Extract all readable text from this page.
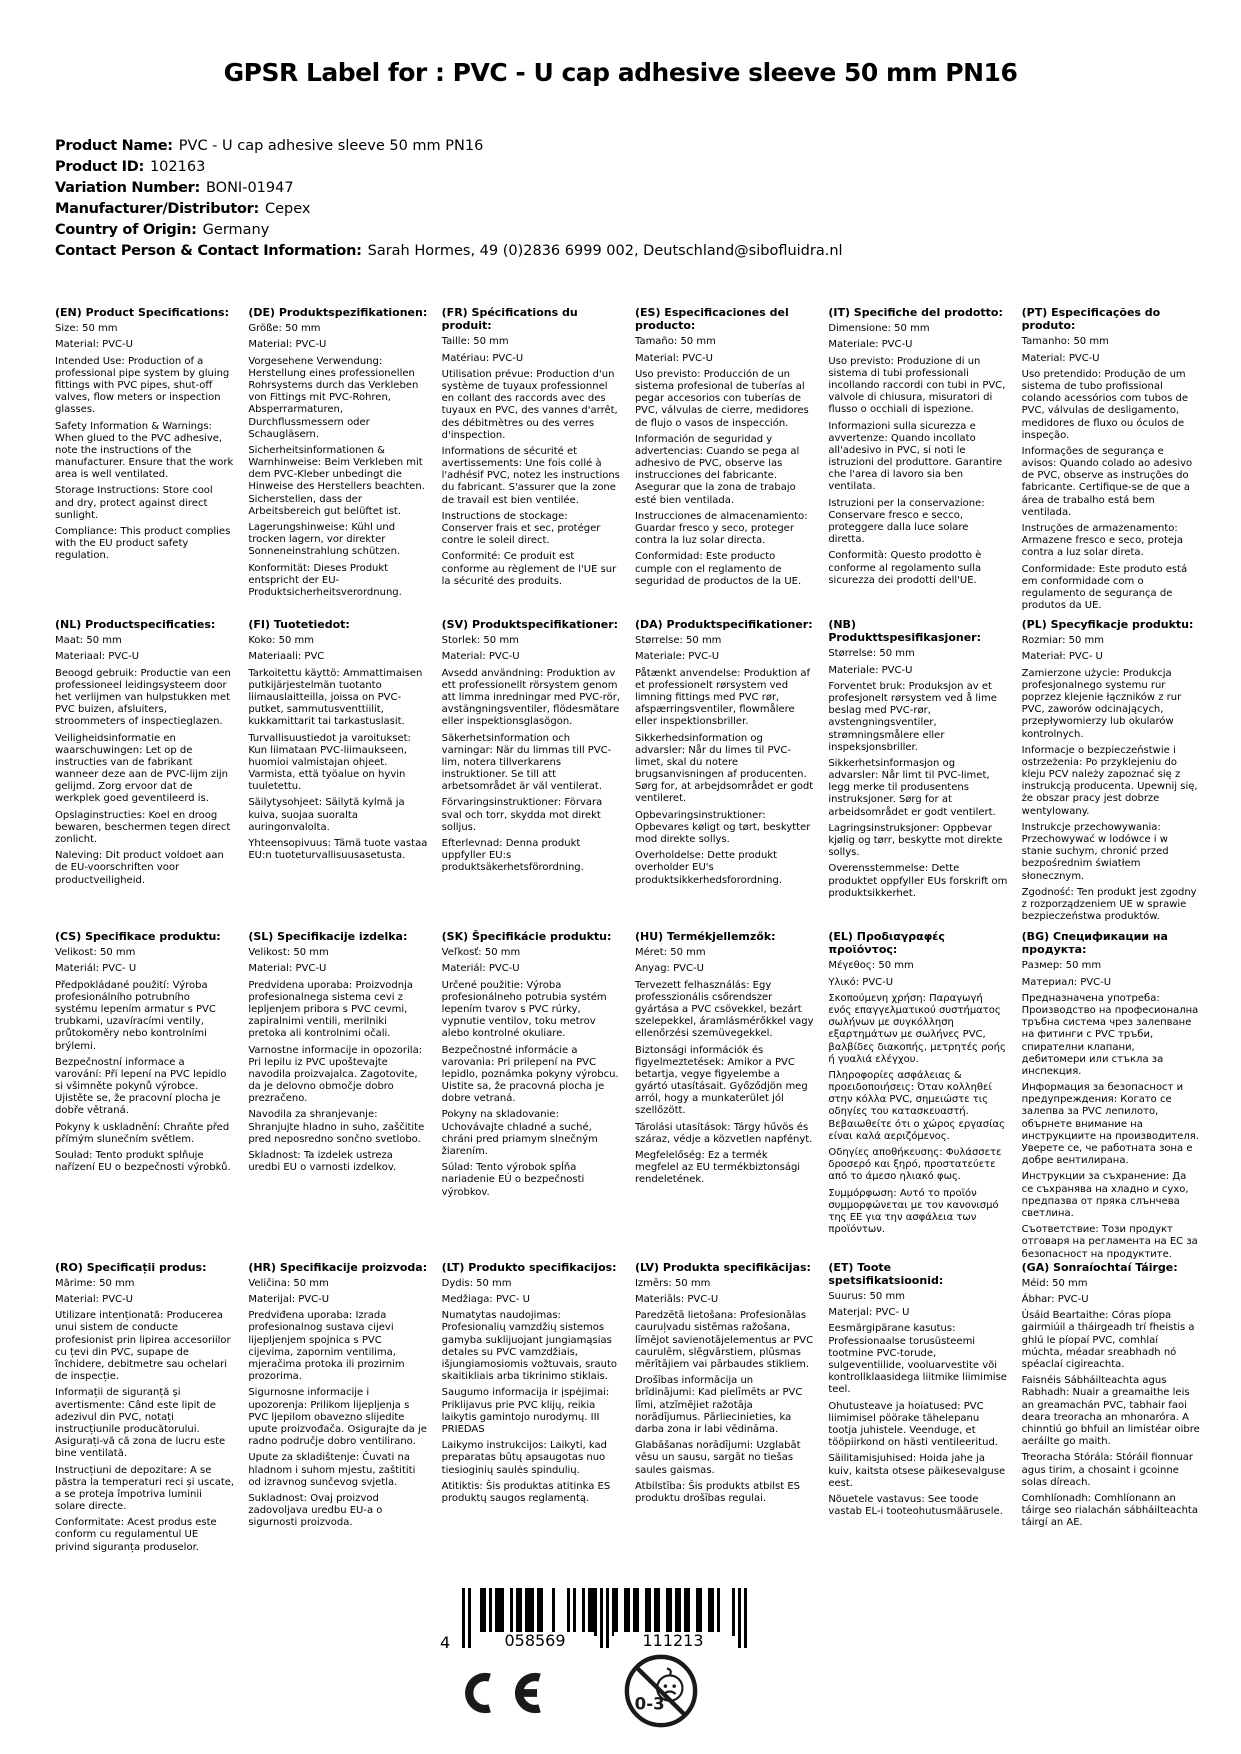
GPSR Label for : PVC - U cap adhesive sleeve 50 mm PN16
Product Name: PVC - U cap adhesive sleeve 50 mm PN16
Product ID: 102163
Variation Number: BONI-01947
Manufacturer/Distributor: Cepex
Country of Origin: Germany
Contact Person & Contact Information: Sarah Hormes, 49 (0)2836 6999 002, Deutschland@sibofluidra.nl
(EN) Product Specifications:

Size: 50 mm

Material: PVC-U

Intended Use: Production of a professional pipe system by gluing fittings with PVC pipes, shut-off valves, flow meters or inspection glasses.

Safety Information & Warnings: When glued to the PVC adhesive, note the instructions of the manufacturer. Ensure that the work area is well ventilated.

Storage Instructions: Store cool and dry, protect against direct sunlight.

Compliance: This product complies with the EU product safety regulation.

(DE) Produktspezifikationen:

Größe: 50 mm

Material: PVC-U

Vorgesehene Verwendung: Herstellung eines professionellen Rohrsystems durch das Verkleben von Fittings mit PVC-Rohren, Absperrarmaturen, Durchflussmessern oder Schaugläsern.

Sicherheitsinformationen & Warnhinweise: Beim Verkleben mit dem PVC-Kleber unbedingt die Hinweise des Herstellers beachten. Sicherstellen, dass der Arbeitsbereich gut belüftet ist.

Lagerungshinweise: Kühl und trocken lagern, vor direkter Sonneneinstrahlung schützen.

Konformität: Dieses Produkt entspricht der EU-Produktsicherheitsverordnung.

(FR) Spécifications du produit:

Taille: 50 mm

Matériau: PVC-U

Utilisation prévue: Production d'un système de tuyaux professionnel en collant des raccords avec des tuyaux en PVC, des vannes d'arrêt, des débitmètres ou des verres d'inspection.

Informations de sécurité et avertissements: Une fois collé à l'adhésif PVC, notez les instructions du fabricant. S'assurer que la zone de travail est bien ventilée.

Instructions de stockage: Conserver frais et sec, protéger contre le soleil direct.

Conformité: Ce produit est conforme au règlement de l'UE sur la sécurité des produits.

(ES) Especificaciones del producto:

Tamaño: 50 mm

Material: PVC-U

Uso previsto: Producción de un sistema profesional de tuberías al pegar accesorios con tuberías de PVC, válvulas de cierre, medidores de flujo o vasos de inspección.

Información de seguridad y advertencias: Cuando se pega al adhesivo de PVC, observe las instrucciones del fabricante. Asegurar que la zona de trabajo esté bien ventilada.

Instrucciones de almacenamiento: Guardar fresco y seco, proteger contra la luz solar directa.

Conformidad: Este producto cumple con el reglamento de seguridad de productos de la UE.

(IT) Specifiche del prodotto:

Dimensione: 50 mm

Materiale: PVC-U

Uso previsto: Produzione di un sistema di tubi professionali incollando raccordi con tubi in PVC, valvole di chiusura, misuratori di flusso o occhiali di ispezione.

Informazioni sulla sicurezza e avvertenze: Quando incollato all'adesivo in PVC, si noti le istruzioni del produttore. Garantire che l'area di lavoro sia ben ventilata.

Istruzioni per la conservazione: Conservare fresco e secco, proteggere dalla luce solare diretta.

Conformità: Questo prodotto è conforme al regolamento sulla sicurezza dei prodotti dell'UE.

(PT) Especificações do produto:

Tamanho: 50 mm

Material: PVC-U

Uso pretendido: Produção de um sistema de tubo profissional colando acessórios com tubos de PVC, válvulas de desligamento, medidores de fluxo ou óculos de inspeção.

Informações de segurança e avisos: Quando colado ao adesivo de PVC, observe as instruções do fabricante. Certifique-se de que a área de trabalho está bem ventilada.

Instruções de armazenamento: Armazene fresco e seco, proteja contra a luz solar direta.

Conformidade: Este produto está em conformidade com o regulamento de segurança de produtos da UE.

(NL) Productspecificaties:

Maat: 50 mm

Materiaal: PVC-U

Beoogd gebruik: Productie van een professioneel leidingsysteem door het verlijmen van hulpstukken met PVC buizen, afsluiters, stroommeters of inspectieglazen.

Veiligheidsinformatie en waarschuwingen: Let op de instructies van de fabrikant wanneer deze aan de PVC-lijm zijn gelijmd. Zorg ervoor dat de werkplek goed geventileerd is.

Opslaginstructies: Koel en droog bewaren, beschermen tegen direct zonlicht.

Naleving: Dit product voldoet aan de EU-voorschriften voor productveiligheid.

(FI) Tuotetiedot:

Koko: 50 mm

Materiaali: PVC

Tarkoitettu käyttö: Ammattimaisen putkijärjestelmän tuotanto liimauslaitteilla, joissa on PVC-putket, sammutusventtiilit, kukkamittarit tai tarkastuslasit.

Turvallisuustiedot ja varoitukset: Kun liimataan PVC-liimaukseen, huomioi valmistajan ohjeet. Varmista, että työalue on hyvin tuuletettu.

Säilytysohjeet: Säilytä kylmä ja kuiva, suojaa suoralta auringonvalolta.

Yhteensopivuus: Tämä tuote vastaa EU:n tuoteturvallisuusasetusta.

(SV) Produktspecifikationer:

Storlek: 50 mm

Material: PVC-U

Avsedd användning: Produktion av ett professionellt rörsystem genom att limma inredningar med PVC-rör, avstängningsventiler, flödesmätare eller inspektionsglasögon.

Säkerhetsinformation och varningar: När du limmas till PVC-lim, notera tillverkarens instruktioner. Se till att arbetsområdet är väl ventilerat.

Förvaringsinstruktioner: Förvara sval och torr, skydda mot direkt solljus.

Efterlevnad: Denna produkt uppfyller EU:s produktsäkerhetsförordning.

(DA) Produktspecifikationer:

Størrelse: 50 mm

Materiale: PVC-U

Påtænkt anvendelse: Produktion af et professionelt rørsystem ved limning fittings med PVC rør, afspærringsventiler, flowmålere eller inspektionsbriller.

Sikkerhedsinformation og advarsler: Når du limes til PVC-limet, skal du notere brugsanvisningen af producenten. Sørg for, at arbejdsområdet er godt ventileret.

Opbevaringsinstruktioner: Opbevares køligt og tørt, beskytter mod direkte sollys.

Overholdelse: Dette produkt overholder EU's produktsikkerhedsforordning.

(NB) Produkttspesifikasjoner:

Størrelse: 50 mm

Materiale: PVC-U

Forventet bruk: Produksjon av et profesjonelt rørsystem ved å lime beslag med PVC-rør, avstengningsventiler, strømningsmålere eller inspeksjonsbriller.

Sikkerhetsinformasjon og advarsler: Når limt til PVC-limet, legg merke til produsentens instruksjoner. Sørg for at arbeidsområdet er godt ventilert.

Lagringsinstruksjoner: Oppbevar kjølig og tørr, beskytte mot direkte sollys.

Overensstemmelse: Dette produktet oppfyller EUs forskrift om produktsikkerhet.

(PL) Specyfikacje produktu:

Rozmiar: 50 mm

Materiał: PVC- U

Zamierzone użycie: Produkcja profesjonalnego systemu rur poprzez klejenie łączników z rur PVC, zaworów odcinających, przepływomierzy lub okularów kontrolnych.

Informacje o bezpieczeństwie i ostrzeżenia: Po przyklejeniu do kleju PCV należy zapoznać się z instrukcją producenta. Upewnij się, że obszar pracy jest dobrze wentylowany.

Instrukcje przechowywania: Przechowywać w lodówce i w stanie suchym, chronić przed bezpośrednim światłem słonecznym.

Zgodność: Ten produkt jest zgodny z rozporządzeniem UE w sprawie bezpieczeństwa produktów.

(CS) Specifikace produktu:

Velikost: 50 mm

Materiál: PVC- U

Předpokládané použití: Výroba profesionálního potrubního systému lepením armatur s PVC trubkami, uzavíracími ventily, průtokoměry nebo kontrolními brýlemi.

Bezpečnostní informace a varování: Při lepení na PVC lepidlo si všimněte pokynů výrobce. Ujistěte se, že pracovní plocha je dobře větraná.

Pokyny k uskladnění: Chraňte před přímým slunečním světlem.

Soulad: Tento produkt splňuje nařízení EU o bezpečnosti výrobků.

(SL) Specifikacije izdelka:

Velikost: 50 mm

Material: PVC-U

Predvidena uporaba: Proizvodnja profesionalnega sistema cevi z lepljenjem pribora s PVC cevmi, zapiralnimi ventili, merilniki pretoka ali kontrolnimi očali.

Varnostne informacije in opozorila: Pri lepilu iz PVC upoštevajte navodila proizvajalca. Zagotovite, da je delovno območje dobro prezračeno.

Navodila za shranjevanje: Shranjujte hladno in suho, zaščitite pred neposredno sončno svetlobo.

Skladnost: Ta izdelek ustreza uredbi EU o varnosti izdelkov.

(SK) Špecifikácie produktu:

Veľkosť: 50 mm

Materiál: PVC-U

Určené použitie: Výroba profesionálneho potrubia systém lepením tvarov s PVC rúrky, vypnutie ventilov, toku metrov alebo kontrolné okuliare.

Bezpečnostné informácie a varovania: Pri prilepení na PVC lepidlo, poznámka pokyny výrobcu. Uistite sa, že pracovná plocha je dobre vetraná.

Pokyny na skladovanie: Uchovávajte chladné a suché, chráni pred priamym slnečným žiarením.

Súlad: Tento výrobok spĺňa nariadenie EÚ o bezpečnosti výrobkov.

(HU) Termékjellemzők:

Méret: 50 mm

Anyag: PVC-U

Tervezett felhasználás: Egy professzionális csőrendszer gyártása a PVC csövekkel, bezárt szelepekkel, áramlásmérőkkel vagy ellenőrzési szemüvegekkel.

Biztonsági információk és figyelmeztetések: Amikor a PVC betartja, vegye figyelembe a gyártó utasításait. Győződjön meg arról, hogy a munkaterület jól szellőzött.

Tárolási utasítások: Tárgy hűvös és száraz, védje a közvetlen napfényt.

Megfelelőség: Ez a termék megfelel az EU termékbiztonsági rendeletének.

(EL) Προδιαγραφές προϊόντος:

Μέγεθος: 50 mm

Υλικό: PVC-U

Σκοπούμενη χρήση: Παραγωγή ενός επαγγελματικού συστήματος σωλήνων με συγκόλληση εξαρτημάτων με σωλήνες PVC, βαλβίδες διακοπής, μετρητές ροής ή γυαλιά ελέγχου.

Πληροφορίες ασφάλειας & προειδοποιήσεις: Όταν κολληθεί στην κόλλα PVC, σημειώστε τις οδηγίες του κατασκευαστή. Βεβαιωθείτε ότι ο χώρος εργασίας είναι καλά αεριζόμενος.

Οδηγίες αποθήκευσης: Φυλάσσετε δροσερό και ξηρό, προστατεύετε από το άμεσο ηλιακό φως.

Συμμόρφωση: Αυτό το προϊόν συμμορφώνεται με τον κανονισμό της ΕΕ για την ασφάλεια των προϊόντων.

(BG) Спецификации на продукта:

Размер: 50 mm

Материал: PVC-U

Предназначена употреба: Производство на професионална тръбна система чрез залепване на фитинги с PVC тръби, спирателни клапани, дебитомери или стъкла за инспекция.

Информация за безопасност и предупреждения: Когато се залепва за PVC лепилото, обърнете внимание на инструкциите на производителя. Уверете се, че работната зона е добре вентилирана.

Инструкции за съхранение: Да се съхранява на хладно и сухо, предпазва от пряка слънчева светлина.

Съответствие: Този продукт отговаря на регламента на ЕС за безопасност на продуктите.

(RO) Specificații produs:

Mărime: 50 mm

Material: PVC-U

Utilizare intenționată: Producerea unui sistem de conducte profesionist prin lipirea accesoriilor cu țevi din PVC, supape de închidere, debitmetre sau ochelari de inspecție.

Informații de siguranță și avertismente: Când este lipit de adezivul din PVC, notați instrucțiunile producătorului. Asigurați-vă că zona de lucru este bine ventilată.

Instrucțiuni de depozitare: A se păstra la temperaturi reci și uscate, a se proteja împotriva luminii solare directe.

Conformitate: Acest produs este conform cu regulamentul UE privind siguranța produselor.

(HR) Specifikacije proizvoda:

Veličina: 50 mm

Materijal: PVC-U

Predviđena uporaba: Izrada profesionalnog sustava cijevi lijepljenjem spojnica s PVC cijevima, zapornim ventilima, mjeračima protoka ili prozirnim prozorima.

Sigurnosne informacije i upozorenja: Prilikom lijepljenja s PVC ljepilom obavezno slijedite upute proizvođača. Osigurajte da je radno područje dobro ventilirano.

Upute za skladištenje: Čuvati na hladnom i suhom mjestu, zaštititi od izravnog sunčevog svjetla.

Sukladnost: Ovaj proizvod zadovoljava uredbu EU-a o sigurnosti proizvoda.

(LT) Produkto specifikacijos:

Dydis: 50 mm

Medžiaga: PVC- U

Numatytas naudojimas: Profesionalių vamzdžių sistemos gamyba suklijuojant jungiamąsias detales su PVC vamzdžiais, išjungiamosiomis vožtuvais, srauto skaitikliais arba tikrinimo stiklais.

Saugumo informacija ir įspėjimai: Priklijavus prie PVC klijų, reikia laikytis gamintojo nurodymų. III PRIEDAS

Laikymo instrukcijos: Laikyti, kad preparatas būtų apsaugotas nuo tiesioginių saulės spindulių.

Atitiktis: Šis produktas atitinka ES produktų saugos reglamentą.

(LV) Produkta specifikācijas:

Izmērs: 50 mm

Materiāls: PVC-U

Paredzētā lietošana: Profesionālas cauruļvadu sistēmas ražošana, līmējot savienotājelementus ar PVC caurulēm, slēgvārstiem, plūsmas mērītājiem vai pārbaudes stikliem.

Drošības informācija un brīdinājumi: Kad pielīmēts ar PVC līmi, atzīmējiet ražotāja norādījumus. Pārliecinieties, ka darba zona ir labi vēdināma.

Glabāšanas norādījumi: Uzglabāt vēsu un sausu, sargāt no tiešas saules gaismas.

Atbilstība: Šis produkts atbilst ES produktu drošības regulai.

(ET) Toote spetsifikatsioonid:

Suurus: 50 mm

Materjal: PVC- U

Eesmärgipärane kasutus: Professionaalse torusüsteemi tootmine PVC-torude, sulgeventiilide, vooluarvestite või kontrollklaasidega liitmike liimimise teel.

Ohutusteave ja hoiatused: PVC liimimisel pöörake tähelepanu tootja juhistele. Veenduge, et tööpiirkond on hästi ventileeritud.

Säilitamisjuhised: Hoida jahe ja kuiv, kaitsta otsese päikesevalguse eest.

Nõuetele vastavus: See toode vastab EL-i tooteohutusmäärusele.

(GA) Sonraíochtaí Táirge:

Méid: 50 mm

Ábhar: PVC-U

Úsáid Beartaithe: Córas píopa gairmiúil a tháirgeadh trí fheistis a ghlú le píopaí PVC, comhlaí múchta, méadar sreabhadh nó spéaclaí cigireachta.

Faisnéis Sábháilteachta agus Rabhadh: Nuair a greamaithe leis an greamachán PVC, tabhair faoi deara treoracha an mhonaróra. A chinntiú go bhfuil an limistéar oibre aeráilte go maith.

Treoracha Stórála: Stóráil fionnuar agus tirim, a chosaint i gcoinne solas díreach.

Comhlíonadh: Comhlíonann an táirge seo rialachán sábháilteachta táirgí an AE.

4	058569	111213
0-3
